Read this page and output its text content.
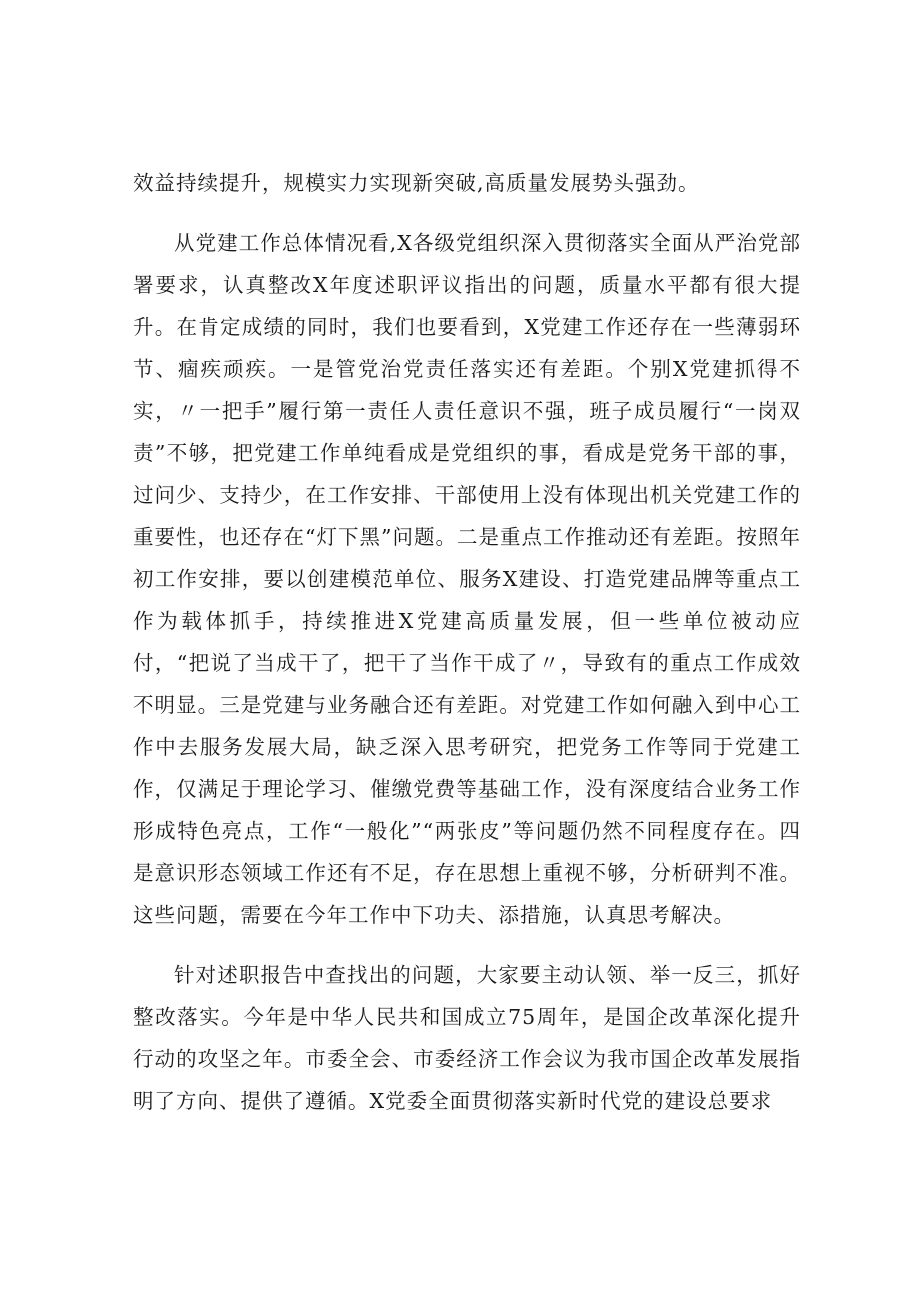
效益持续提升，规模实力实现新突破,高质量发展势头强劲。

从党建工作总体情况看,X各级党组织深入贯彻落实全面从严治党部署要求，认真整改X年度述职评议指出的问题，质量水平都有很大提升。在肯定成绩的同时，我们也要看到，X党建工作还存在一些薄弱环节、痼疾顽疾。一是管党治党责任落实还有差距。个别X党建抓得不实，〃一把手”履行第一责任人责任意识不强，班子成员履行“一岗双责”不够，把党建工作单纯看成是党组织的事，看成是党务干部的事，过问少、支持少，在工作安排、干部使用上没有体现出机关党建工作的重要性，也还存在“灯下黑”问题。二是重点工作推动还有差距。按照年初工作安排，要以创建模范单位、服务X建设、打造党建品牌等重点工作为载体抓手，持续推进X党建高质量发展，但一些单位被动应付，“把说了当成干了，把干了当作干成了〃，导致有的重点工作成效不明显。三是党建与业务融合还有差距。对党建工作如何融入到中心工作中去服务发展大局，缺乏深入思考研究，把党务工作等同于党建工作，仅满足于理论学习、催缴党费等基础工作，没有深度结合业务工作形成特色亮点，工作“一般化”“两张皮”等问题仍然不同程度存在。四是意识形态领域工作还有不足，存在思想上重视不够，分析研判不准。这些问题，需要在今年工作中下功夫、添措施，认真思考解决。

针对述职报告中查找出的问题，大家要主动认领、举一反三，抓好整改落实。今年是中华人民共和国成立75周年，是国企改革深化提升行动的攻坚之年。市委全会、市委经济工作会议为我市国企改革发展指明了方向、提供了遵循。X党委全面贯彻落实新时代党的建设总要求
